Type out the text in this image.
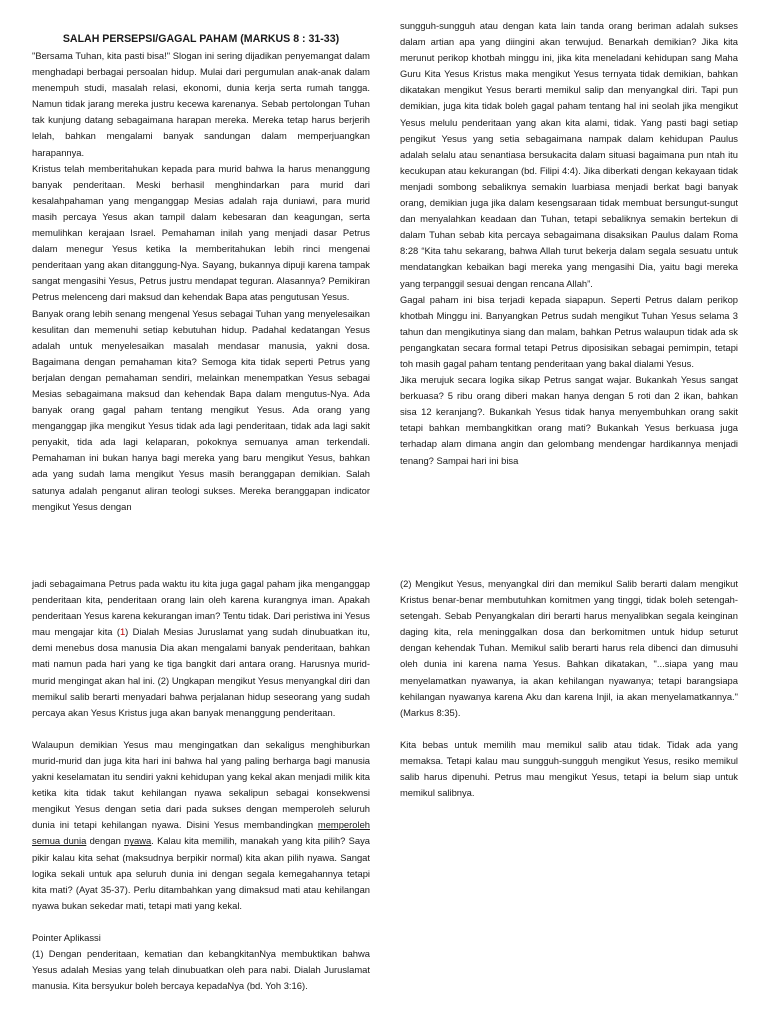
SALAH PERSEPSI/GAGAL PAHAM (MARKUS 8 : 31-33)

"Bersama Tuhan, kita pasti bisa!" Slogan ini sering dijadikan penyemangat dalam menghadapi berbagai persoalan hidup. Mulai dari pergumulan anak-anak dalam menempuh studi, masalah relasi, ekonomi, dunia kerja serta rumah tangga. Namun tidak jarang mereka justru kecewa karenanya. Sebab pertolongan Tuhan tak kunjung datang sebagaimana harapan mereka. Mereka tetap harus berjerih lelah, bahkan mengalami banyak sandungan dalam memperjuangkan harapannya.

Kristus telah memberitahukan kepada para murid bahwa Ia harus menanggung banyak penderitaan. Meski berhasil menghindarkan para murid dari kesalahpahaman yang menganggap Mesias adalah raja duniawi, para murid masih percaya Yesus akan tampil dalam kebesaran dan keagungan, serta memulihkan kerajaan Israel. Pemahaman inilah yang menjadi dasar Petrus dalam menegur Yesus ketika Ia memberitahukan lebih rinci mengenai penderitaan yang akan ditanggung-Nya. Sayang, bukannya dipuji karena tampak sangat mengasihi Yesus, Petrus justru mendapat teguran. Alasannya? Pemikiran Petrus melenceng dari maksud dan kehendak Bapa atas pengutusan Yesus.

Banyak orang lebih senang mengenal Yesus sebagai Tuhan yang menyelesaikan kesulitan dan memenuhi setiap kebutuhan hidup. Padahal kedatangan Yesus adalah untuk menyelesaikan masalah mendasar manusia, yakni dosa. Bagaimana dengan pemahaman kita? Semoga kita tidak seperti Petrus yang berjalan dengan pemahaman sendiri, melainkan menempatkan Yesus sebagai Mesias sebagaimana maksud dan kehendak Bapa dalam mengutus-Nya. Ada banyak orang gagal paham tentang mengikut Yesus. Ada orang yang menganggap jika mengikut Yesus tidak ada lagi penderitaan, tidak ada lagi sakit penyakit, tida ada lagi kelaparan, pokoknya semuanya aman terkendali. Pemahaman ini bukan hanya bagi mereka yang baru mengikut Yesus, bahkan ada yang sudah lama mengikut Yesus masih beranggapan demikian. Salah satunya adalah penganut aliran teologi sukses. Mereka beranggapan indicator mengikut Yesus dengan

sungguh-sungguh atau dengan kata lain tanda orang beriman adalah sukses dalam artian apa yang diingini akan terwujud. Benarkah demikian? Jika kita merunut perikop khotbah minggu ini, jika kita meneladani kehidupan sang Maha Guru Kita Yesus Kristus maka mengikut Yesus ternyata tidak demikian, bahkan dikatakan mengikut Yesus berarti memikul salip dan menyangkal diri. Tapi pun demikian, juga kita tidak boleh gagal paham tentang hal ini seolah jika mengikut Yesus melulu penderitaan yang akan kita alami, tidak. Yang pasti bagi setiap pengikut Yesus yang setia sebagaimana nampak dalam kehidupan Paulus adalah selalu atau senantiasa bersukacita dalam situasi bagaimana pun ntah itu kecukupan atau kekurangan (bd. Filipi 4:4). Jika diberkati dengan kekayaan tidak menjadi sombong sebaliknya semakin luarbiasa menjadi berkat bagi banyak orang, demikian juga jika dalam kesengsaraan tidak membuat bersungut-sungut dan menyalahkan keadaan dan Tuhan, tetapi sebaliknya semakin bertekun di dalam Tuhan sebab kita percaya sebagaimana disaksikan Paulus dalam Roma 8:28 “Kita tahu sekarang, bahwa Allah turut bekerja dalam segala sesuatu untuk mendatangkan kebaikan bagi mereka yang mengasihi Dia, yaitu bagi mereka yang terpanggil sesuai dengan rencana Allah”.

Gagal paham ini bisa terjadi kepada siapapun. Seperti Petrus dalam perikop khotbah Minggu ini. Banyangkan Petrus sudah mengikut Tuhan Yesus selama 3 tahun dan mengikutinya siang dan malam, bahkan Petrus walaupun tidak ada sk pengangkatan secara formal tetapi Petrus diposisikan sebagai pemimpin, tetapi toh masih gagal paham tentang penderitaan yang bakal dialami Yesus.

Jika merujuk secara logika sikap Petrus sangat wajar. Bukankah Yesus sangat berkuasa? 5 ribu orang diberi makan hanya dengan 5 roti dan 2 ikan, bahkan sisa 12 keranjang?. Bukankah Yesus tidak hanya menyembuhkan orang sakit tetapi bahkan membangkitkan orang mati? Bukankah Yesus berkuasa juga terhadap alam dimana angin dan gelombang mendengar hardikannya menjadi tenang? Sampai hari ini bisa

jadi sebagaimana Petrus pada waktu itu kita juga gagal paham jika menganggap penderitaan kita, penderitaan orang lain oleh karena kurangnya iman. Apakah penderitaan Yesus karena kekurangan iman? Tentu tidak. Dari peristiwa ini Yesus mau mengajar kita (1) Dialah Mesias Juruslamat yang sudah dinubuatkan itu, demi menebus dosa manusia Dia akan mengalami banyak penderitaan, bahkan mati namun pada hari yang ke tiga bangkit dari antara orang. Harusnya murid-murid mengingat akan hal ini. (2) Ungkapan mengikut Yesus menyangkal diri dan memikul salib berarti menyadari bahwa perjalanan hidup seseorang yang sudah percaya akan Yesus Kristus juga akan banyak menanggung penderitaan.

Walaupun demikian Yesus mau mengingatkan dan sekaligus menghiburkan murid-murid dan juga kita hari ini bahwa hal yang paling berharga bagi manusia yakni keselamatan itu sendiri yakni kehidupan yang kekal akan menjadi milik kita ketika kita tidak takut kehilangan nyawa sekalipun sebagai konsekwensi mengikut Yesus dengan setia dari pada sukses dengan memperoleh seluruh dunia ini tetapi kehilangan nyawa. Disini Yesus membandingkan memperoleh semua dunia dengan nyawa. Kalau kita memilih, manakah yang kita pilih? Saya pikir kalau kita sehat (maksudnya berpikir normal) kita akan pilih nyawa. Sangat logika sekali untuk apa seluruh dunia ini dengan segala kemegahannya tetapi kita mati? (Ayat 35-37). Perlu ditambahkan yang dimaksud mati atau kehilangan nyawa bukan sekedar mati, tetapi mati yang kekal.

Pointer Aplikassi

(1) Dengan penderitaan, kematian dan kebangkitanNya membuktikan bahwa Yesus adalah Mesias yang telah dinubuatkan oleh para nabi. Dialah Juruslamat manusia. Kita bersyukur boleh bercaya kepadaNya (bd. Yoh 3:16).

(2) Mengikut Yesus, menyangkal diri dan memikul Salib berarti dalam mengikut Kristus benar-benar membutuhkan komitmen yang tinggi, tidak boleh setengah-setengah. Sebab Penyangkalan diri berarti harus menyalibkan segala keinginan daging kita, rela meninggalkan dosa dan berkomitmen untuk hidup seturut dengan kehendak Tuhan. Memikul salib berarti harus rela dibenci dan dimusuhi oleh dunia ini karena nama Yesus. Bahkan dikatakan, "...siapa yang mau menyelamatkan nyawanya, ia akan kehilangan nyawanya; tetapi barangsiapa kehilangan nyawanya karena Aku dan karena Injil, ia akan menyelamatkannya." (Markus 8:35).

Kita bebas untuk memilih mau memikul salib atau tidak. Tidak ada yang memaksa. Tetapi kalau mau sungguh-sungguh mengikut Yesus, resiko memikul salib harus dipenuhi. Petrus mau mengikut Yesus, tetapi ia belum siap untuk memikul salibnya.
